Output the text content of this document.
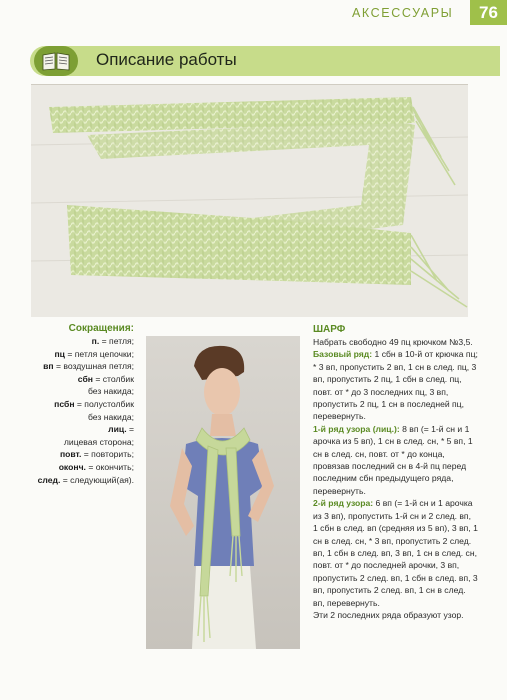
АКСЕССУАРЫ	76
Описание работы
Сокращения:
п. = петля;
пц = петля цепочки;
вп = воздушная петля;
сбн = столбик
без накида;
псбн = полустолбик
без накида;
лиц. =
лицевая сторона;
повт. = повторить;
оконч. = окончить;
след. = следующий(ая).

ШАРФ

Набрать свободно 49 пц крючком №3,5.

Базовый ряд: 1 сбн в 10-й от крючка пц; * 3 вп, пропустить 2 вп, 1 сн в след. пц, 3 вп, пропустить 2 пц, 1 сбн в след. пц, повт. от * до 3 последних пц, 3 вп, пропустить 2 пц, 1 сн в последней пц, перевернуть.

1-й ряд узора (лиц.): 8 вп (= 1-й сн и 1 арочка из 5 вп), 1 сн в след. сн, * 5 вп, 1 сн в след. сн, повт. от * до конца, провязав последний сн в 4-й пц перед последним сбн предыдущего ряда, перевернуть.

2-й ряд узора: 6 вп (= 1-й сн и 1 арочка из 3 вп), пропустить 1-й сн и 2 след. вп, 1 сбн в след. вп (средняя из 5 вп), 3 вп, 1 сн в след. сн, * 3 вп, пропустить 2 след. вп, 1 сбн в след. вп, 3 вп, 1 сн в след. сн, повт. от * до последней арочки, 3 вп, пропустить 2 след. вп, 1 сбн в след. вп, 3 вп, пропустить 2 след. вп, 1 сн в след. вп, перевернуть.

Эти 2 последних ряда образуют узор.
